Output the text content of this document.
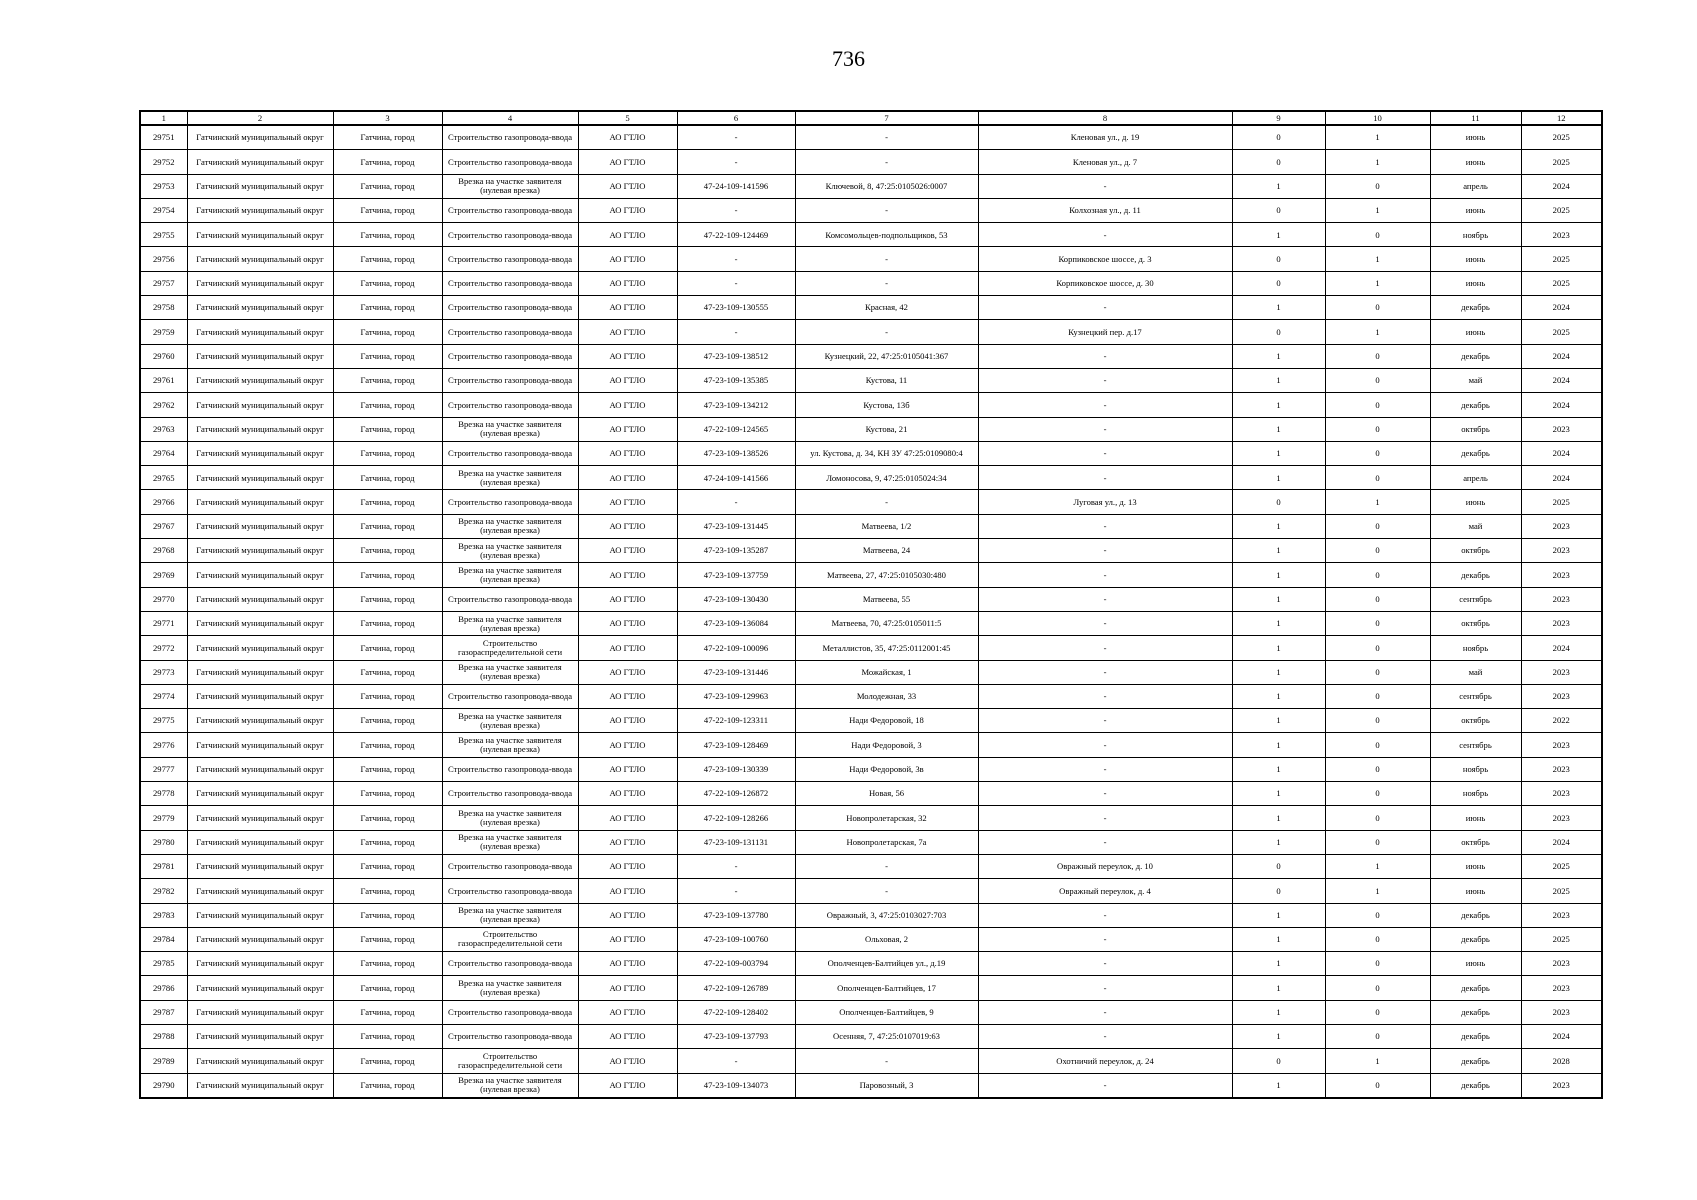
736
1	2	3	4	5	6	7	8	9	10	11	12
29751	Гатчинский муниципальный округ	Гатчина, город	Строительство газопровода-ввода	АО ГТЛО	-	-	Кленовая ул., д. 19	0	1	июнь	2025
29752	Гатчинский муниципальный округ	Гатчина, город	Строительство газопровода-ввода	АО ГТЛО	-	-	Кленовая ул., д. 7	0	1	июнь	2025
29753	Гатчинский муниципальный округ	Гатчина, город	Врезка на участке заявителя (нулевая врезка)	АО ГТЛО	47-24-109-141596	Ключевой, 8, 47:25:0105026:0007	-	1	0	апрель	2024
29754	Гатчинский муниципальный округ	Гатчина, город	Строительство газопровода-ввода	АО ГТЛО	-	-	Колхозная ул., д. 11	0	1	июнь	2025
29755	Гатчинский муниципальный округ	Гатчина, город	Строительство газопровода-ввода	АО ГТЛО	47-22-109-124469	Комсомольцев-подпольщиков, 53	-	1	0	ноябрь	2023
29756	Гатчинский муниципальный округ	Гатчина, город	Строительство газопровода-ввода	АО ГТЛО	-	-	Корпиковское шоссе, д. 3	0	1	июнь	2025
29757	Гатчинский муниципальный округ	Гатчина, город	Строительство газопровода-ввода	АО ГТЛО	-	-	Корпиковское шоссе, д. 30	0	1	июнь	2025
29758	Гатчинский муниципальный округ	Гатчина, город	Строительство газопровода-ввода	АО ГТЛО	47-23-109-130555	Красная, 42	-	1	0	декабрь	2024
29759	Гатчинский муниципальный округ	Гатчина, город	Строительство газопровода-ввода	АО ГТЛО	-	-	Кузнецкий пер. д.17	0	1	июнь	2025
29760	Гатчинский муниципальный округ	Гатчина, город	Строительство газопровода-ввода	АО ГТЛО	47-23-109-138512	Кузнецкий, 22, 47:25:0105041:367	-	1	0	декабрь	2024
29761	Гатчинский муниципальный округ	Гатчина, город	Строительство газопровода-ввода	АО ГТЛО	47-23-109-135385	Кустова, 11	-	1	0	май	2024
29762	Гатчинский муниципальный округ	Гатчина, город	Строительство газопровода-ввода	АО ГТЛО	47-23-109-134212	Кустова, 13б	-	1	0	декабрь	2024
29763	Гатчинский муниципальный округ	Гатчина, город	Врезка на участке заявителя (нулевая врезка)	АО ГТЛО	47-22-109-124565	Кустова, 21	-	1	0	октябрь	2023
29764	Гатчинский муниципальный округ	Гатчина, город	Строительство газопровода-ввода	АО ГТЛО	47-23-109-138526	ул. Кустова, д. 34, КН ЗУ 47:25:0109080:4	-	1	0	декабрь	2024
29765	Гатчинский муниципальный округ	Гатчина, город	Врезка на участке заявителя (нулевая врезка)	АО ГТЛО	47-24-109-141566	Ломоносова, 9, 47:25:0105024:34	-	1	0	апрель	2024
29766	Гатчинский муниципальный округ	Гатчина, город	Строительство газопровода-ввода	АО ГТЛО	-	-	Луговая ул., д. 13	0	1	июнь	2025
29767	Гатчинский муниципальный округ	Гатчина, город	Врезка на участке заявителя (нулевая врезка)	АО ГТЛО	47-23-109-131445	Матвеева, 1/2	-	1	0	май	2023
29768	Гатчинский муниципальный округ	Гатчина, город	Врезка на участке заявителя (нулевая врезка)	АО ГТЛО	47-23-109-135287	Матвеева, 24	-	1	0	октябрь	2023
29769	Гатчинский муниципальный округ	Гатчина, город	Врезка на участке заявителя (нулевая врезка)	АО ГТЛО	47-23-109-137759	Матвеева, 27, 47:25:0105030:480	-	1	0	декабрь	2023
29770	Гатчинский муниципальный округ	Гатчина, город	Строительство газопровода-ввода	АО ГТЛО	47-23-109-130430	Матвеева, 55	-	1	0	сентябрь	2023
29771	Гатчинский муниципальный округ	Гатчина, город	Врезка на участке заявителя (нулевая врезка)	АО ГТЛО	47-23-109-136084	Матвеева, 70, 47:25:0105011:5	-	1	0	октябрь	2023
29772	Гатчинский муниципальный округ	Гатчина, город	Строительство газораспределительной сети	АО ГТЛО	47-22-109-100096	Металлистов, 35, 47:25:0112001:45	-	1	0	ноябрь	2024
29773	Гатчинский муниципальный округ	Гатчина, город	Врезка на участке заявителя (нулевая врезка)	АО ГТЛО	47-23-109-131446	Можайская, 1	-	1	0	май	2023
29774	Гатчинский муниципальный округ	Гатчина, город	Строительство газопровода-ввода	АО ГТЛО	47-23-109-129963	Молодежная, 33	-	1	0	сентябрь	2023
29775	Гатчинский муниципальный округ	Гатчина, город	Врезка на участке заявителя (нулевая врезка)	АО ГТЛО	47-22-109-123311	Нади Федоровой, 18	-	1	0	октябрь	2022
29776	Гатчинский муниципальный округ	Гатчина, город	Врезка на участке заявителя (нулевая врезка)	АО ГТЛО	47-23-109-128469	Нади Федоровой, 3	-	1	0	сентябрь	2023
29777	Гатчинский муниципальный округ	Гатчина, город	Строительство газопровода-ввода	АО ГТЛО	47-23-109-130339	Нади Федоровой, 3в	-	1	0	ноябрь	2023
29778	Гатчинский муниципальный округ	Гатчина, город	Строительство газопровода-ввода	АО ГТЛО	47-22-109-126872	Новая, 56	-	1	0	ноябрь	2023
29779	Гатчинский муниципальный округ	Гатчина, город	Врезка на участке заявителя (нулевая врезка)	АО ГТЛО	47-22-109-128266	Новопролетарская, 32	-	1	0	июнь	2023
29780	Гатчинский муниципальный округ	Гатчина, город	Врезка на участке заявителя (нулевая врезка)	АО ГТЛО	47-23-109-131131	Новопролетарская, 7а	-	1	0	октябрь	2024
29781	Гатчинский муниципальный округ	Гатчина, город	Строительство газопровода-ввода	АО ГТЛО	-	-	Овражный переулок, д. 10	0	1	июнь	2025
29782	Гатчинский муниципальный округ	Гатчина, город	Строительство газопровода-ввода	АО ГТЛО	-	-	Овражный переулок, д. 4	0	1	июнь	2025
29783	Гатчинский муниципальный округ	Гатчина, город	Врезка на участке заявителя (нулевая врезка)	АО ГТЛО	47-23-109-137780	Овражный, 3, 47:25:0103027:703	-	1	0	декабрь	2023
29784	Гатчинский муниципальный округ	Гатчина, город	Строительство газораспределительной сети	АО ГТЛО	47-23-109-100760	Ольховая, 2	-	1	0	декабрь	2025
29785	Гатчинский муниципальный округ	Гатчина, город	Строительство газопровода-ввода	АО ГТЛО	47-22-109-003794	Ополченцев-Балтийцев ул., д.19	-	1	0	июнь	2023
29786	Гатчинский муниципальный округ	Гатчина, город	Врезка на участке заявителя (нулевая врезка)	АО ГТЛО	47-22-109-126789	Ополченцев-Балтийцев, 17	-	1	0	декабрь	2023
29787	Гатчинский муниципальный округ	Гатчина, город	Строительство газопровода-ввода	АО ГТЛО	47-22-109-128402	Ополченцев-Балтийцев, 9	-	1	0	декабрь	2023
29788	Гатчинский муниципальный округ	Гатчина, город	Строительство газопровода-ввода	АО ГТЛО	47-23-109-137793	Осенняя, 7, 47:25:0107019:63	-	1	0	декабрь	2024
29789	Гатчинский муниципальный округ	Гатчина, город	Строительство газораспределительной сети	АО ГТЛО	-	-	Охотничий переулок, д. 24	0	1	декабрь	2028
29790	Гатчинский муниципальный округ	Гатчина, город	Врезка на участке заявителя (нулевая врезка)	АО ГТЛО	47-23-109-134073	Паровозный, 3	-	1	0	декабрь	2023
